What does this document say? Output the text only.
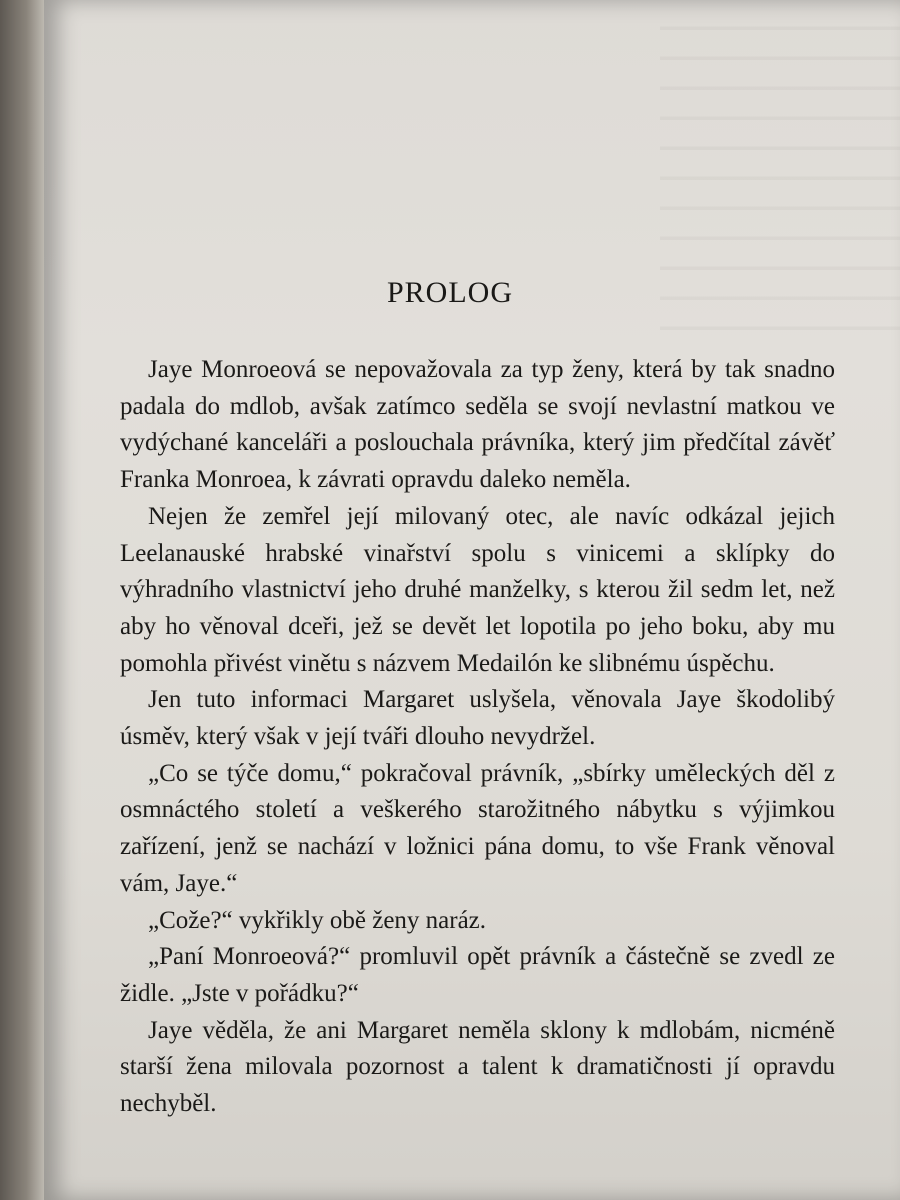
PROLOG

Jaye Monroeová se nepovažovala za typ ženy, která by tak snadno padala do mdlob, avšak zatímco seděla se svojí nevlastní matkou ve vydýchané kanceláři a poslouchala právníka, který jim předčítal závěť Franka Monroea, k závrati opravdu daleko neměla.

Nejen že zemřel její milovaný otec, ale navíc odkázal jejich Leelanauské hrabské vinařství spolu s vinicemi a sklípky do výhradního vlastnictví jeho druhé manželky, s kterou žil sedm let, než aby ho věnoval dceři, jež se devět let lopotila po jeho boku, aby mu pomohla přivést vinětu s názvem Medailón ke slibnému úspěchu.

Jen tuto informaci Margaret uslyšela, věnovala Jaye škodolibý úsměv, který však v její tváři dlouho nevydržel.

„Co se týče domu,“ pokračoval právník, „sbírky uměleckých děl z osmnáctého století a veškerého starožitného nábytku s výjimkou zařízení, jenž se nachází v ložnici pána domu, to vše Frank věnoval vám, Jaye.“

„Cože?“ vykřikly obě ženy naráz.

„Paní Monroeová?“ promluvil opět právník a částečně se zvedl ze židle. „Jste v pořádku?“

Jaye věděla, že ani Margaret neměla sklony k mdlobám, nicméně starší žena milovala pozornost a talent k dramatičnosti jí opravdu nechyběl.
